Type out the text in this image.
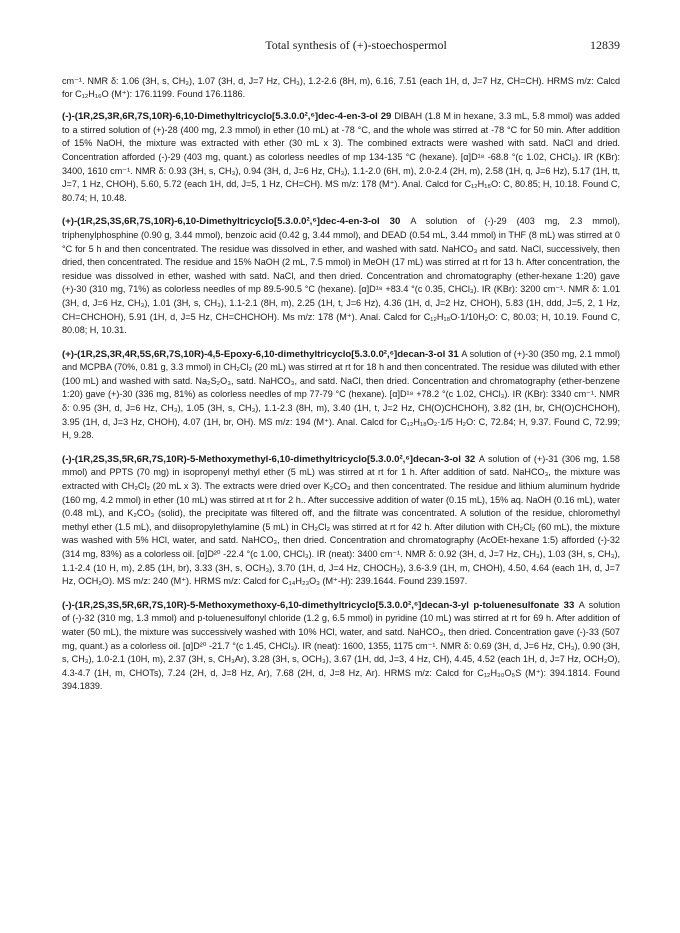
Total synthesis of (+)-stoechospermol	12839

cm⁻¹. NMR δ: 1.06 (3H, s, CH₃), 1.07 (3H, d, J=7 Hz, CH₃), 1.2-2.6 (8H, m), 6.16, 7.51 (each 1H, d, J=7 Hz, CH=CH). HRMS m/z: Calcd for C₁₂H₁₆O (M⁺): 176.1199. Found 176.1186.

(-)-(1R,2S,3R,6R,7S,10R)-6,10-Dimethyltricyclo[5.3.0.0²,⁶]dec-4-en-3-ol 29 DIBAH (1.8 M in hexane, 3.3 mL, 5.8 mmol) was added to a stirred solution of (+)-28 (400 mg, 2.3 mmol) in ether (10 mL) at -78 °C, and the whole was stirred at -78 °C for 50 min. After addition of 15% NaOH, the mixture was extracted with ether (30 mL x 3). The combined extracts were washed with satd. NaCl and dried. Concentration afforded (-)-29 (403 mg, quant.) as colorless needles of mp 134-135 °C (hexane). [α]D¹⁸ -68.8 °(c 1.02, CHCl₃). IR (KBr): 3400, 1610 cm⁻¹. NMR δ: 0.93 (3H, s, CH₃), 0.94 (3H, d, J=6 Hz, CH₃), 1.1-2.0 (6H, m), 2.0-2.4 (2H, m), 2.58 (1H, q, J=6 Hz), 5.17 (1H, tt, J=7, 1 Hz, CHOH), 5.60, 5.72 (each 1H, dd, J=5, 1 Hz, CH=CH). MS m/z: 178 (M⁺). Anal. Calcd for C₁₂H₁₈O: C, 80.85; H, 10.18. Found C, 80.74; H, 10.48.

(+)-(1R,2S,3S,6R,7S,10R)-6,10-Dimethyltricyclo[5.3.0.0²,⁶]dec-4-en-3-ol 30 A solution of (-)-29 (403 mg, 2.3 mmol), triphenylphosphine (0.90 g, 3.44 mmol), benzoic acid (0.42 g, 3.44 mmol), and DEAD (0.54 mL, 3.44 mmol) in THF (8 mL) was stirred at 0 °C for 5 h and then concentrated. The residue was dissolved in ether, and washed with satd. NaHCO₃ and satd. NaCl, successively, then dried, then concentrated. The residue and 15% NaOH (2 mL, 7.5 mmol) in MeOH (17 mL) was stirred at rt for 13 h. After concentration, the residue was dissolved in ether, washed with satd. NaCl, and then dried. Concentration and chromatography (ether-hexane 1:20) gave (+)-30 (310 mg, 71%) as colorless needles of mp 89.5-90.5 °C (hexane). [α]D¹⁸ +83.4 °(c 0.35, CHCl₃). IR (KBr): 3200 cm⁻¹. NMR δ: 1.01 (3H, d, J=6 Hz, CH₃), 1.01 (3H, s, CH₃), 1.1-2.1 (8H, m), 2.25 (1H, t, J=6 Hz), 4.36 (1H, d, J=2 Hz, CHOH), 5.83 (1H, ddd, J=5, 2, 1 Hz, CH=CHCHOH), 5.91 (1H, d, J=5 Hz, CH=CHCHOH). Ms m/z: 178 (M⁺). Anal. Calcd for C₁₂H₁₈O·1/10H₂O: C, 80.03; H, 10.19. Found C, 80.08; H, 10.31.

(+)-(1R,2S,3R,4R,5S,6R,7S,10R)-4,5-Epoxy-6,10-dimethyltricyclo[5.3.0.0²,⁶]decan-3-ol 31 A solution of (+)-30 (350 mg, 2.1 mmol) and MCPBA (70%, 0.81 g, 3.3 mmol) in CH₂Cl₂ (20 mL) was stirred at rt for 18 h and then concentrated. The residue was diluted with ether (100 mL) and washed with satd. Na₂S₂O₃, satd. NaHCO₃, and satd. NaCl, then dried. Concentration and chromatography (ether-benzene 1:20) gave (+)-30 (336 mg, 81%) as colorless needles of mp 77-79 °C (hexane). [α]D¹⁸ +78.2 °(c 1.02, CHCl₃). IR (KBr): 3340 cm⁻¹. NMR δ: 0.95 (3H, d, J=6 Hz, CH₃), 1.05 (3H, s, CH₃), 1.1-2.3 (8H, m), 3.40 (1H, t, J=2 Hz, CH(O)CHCHOH), 3.82 (1H, br, CH(O)CHCHOH), 3.95 (1H, d, J=3 Hz, CHOH), 4.07 (1H, br, OH). MS m/z: 194 (M⁺). Anal. Calcd for C₁₂H₁₈O₂·1/5 H₂O: C, 72.84; H, 9.37. Found C, 72.99; H, 9.28.

(-)-(1R,2S,3S,5R,6R,7S,10R)-5-Methoxymethyl-6,10-dimethyltricyclo[5.3.0.0²,⁶]decan-3-ol 32 A solution of (+)-31 (306 mg, 1.58 mmol) and PPTS (70 mg) in isopropenyl methyl ether (5 mL) was stirred at rt for 1 h. After addition of satd. NaHCO₃, the mixture was extracted with CH₂Cl₂ (20 mL x 3). The extracts were dried over K₂CO₃ and then concentrated. The residue and lithium aluminum hydride (160 mg, 4.2 mmol) in ether (10 mL) was stirred at rt for 2 h.. After successive addition of water (0.15 mL), 15% aq. NaOH (0.16 mL), water (0.48 mL), and K₂CO₃ (solid), the precipitate was filtered off, and the filtrate was concentrated. A solution of the residue, chloromethyl methyl ether (1.5 mL), and diisopropylethylamine (5 mL) in CH₂Cl₂ was stirred at rt for 42 h. After dilution with CH₂Cl₂ (60 mL), the mixture was washed with 5% HCl, water, and satd. NaHCO₃, then dried. Concentration and chromatography (AcOEt-hexane 1:5) afforded (-)-32 (314 mg, 83%) as a colorless oil. [α]D²⁰ -22.4 °(c 1.00, CHCl₃). IR (neat): 3400 cm⁻¹. NMR δ: 0.92 (3H, d, J=7 Hz, CH₃), 1.03 (3H, s, CH₃), 1.1-2.4 (10 H, m), 2.85 (1H, br), 3.33 (3H, s, OCH₃), 3.70 (1H, d, J=4 Hz, CHOCH₂), 3.6-3.9 (1H, m, CHOH), 4.50, 4.64 (each 1H, d, J=7 Hz, OCH₂O). MS m/z: 240 (M⁺). HRMS m/z: Calcd for C₁₄H₂₃O₃ (M⁺-H): 239.1644. Found 239.1597.

(-)-(1R,2S,3S,5R,6R,7S,10R)-5-Methoxymethoxy-6,10-dimethyltricyclo[5.3.0.0²,⁶]decan-3-yl p-toluenesulfonate 33 A solution of (-)-32 (310 mg, 1.3 mmol) and p-toluenesulfonyl chloride (1.2 g, 6.5 mmol) in pyridine (10 mL) was stirred at rt for 69 h. After addition of water (50 mL), the mixture was successively washed with 10% HCl, water, and satd. NaHCO₃, then dried. Concentration gave (-)-33 (507 mg, quant.) as a colorless oil. [α]D²⁰ -21.7 °(c 1.45, CHCl₃). IR (neat): 1600, 1355, 1175 cm⁻¹. NMR δ: 0.69 (3H, d, J=6 Hz, CH₃), 0.90 (3H, s, CH₃), 1.0-2.1 (10H, m), 2.37 (3H, s, CH₃Ar), 3.28 (3H, s, OCH₃), 3.67 (1H, dd, J=3, 4 Hz, CH), 4.45, 4.52 (each 1H, d, J=7 Hz, OCH₂O), 4.3-4.7 (1H, m, CHOTs), 7.24 (2H, d, J=8 Hz, Ar), 7.68 (2H, d, J=8 Hz, Ar). HRMS m/z: Calcd for C₁₂H₃₀O₅S (M⁺): 394.1814. Found 394.1839.
